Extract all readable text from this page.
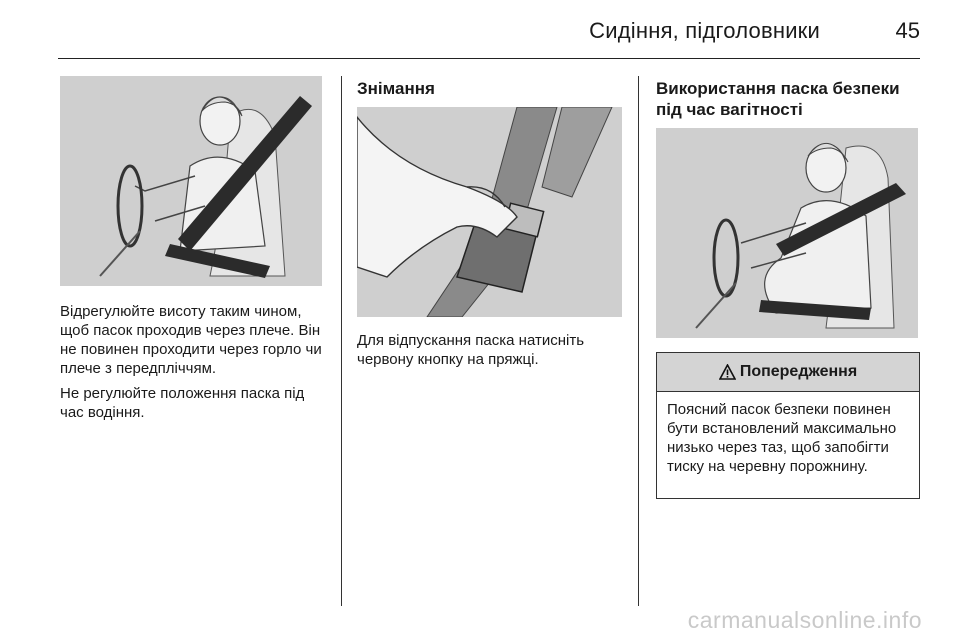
Сидіння, підголовники	45

Відрегулюйте висоту таким чином, щоб пасок проходив через плече. Він не повинен проходити через горло чи плече з передпліччям.

Не регулюйте положення паска під час водіння.

Знімання

Для відпускання паска натисніть червону кнопку на пряжці.

Використання паска безпеки під час вагітності
Попередження
Поясний пасок безпеки повинен бути встановлений максимально низько через таз, щоб запобігти тиску на черевну порожнину.
carmanualsonline.info
